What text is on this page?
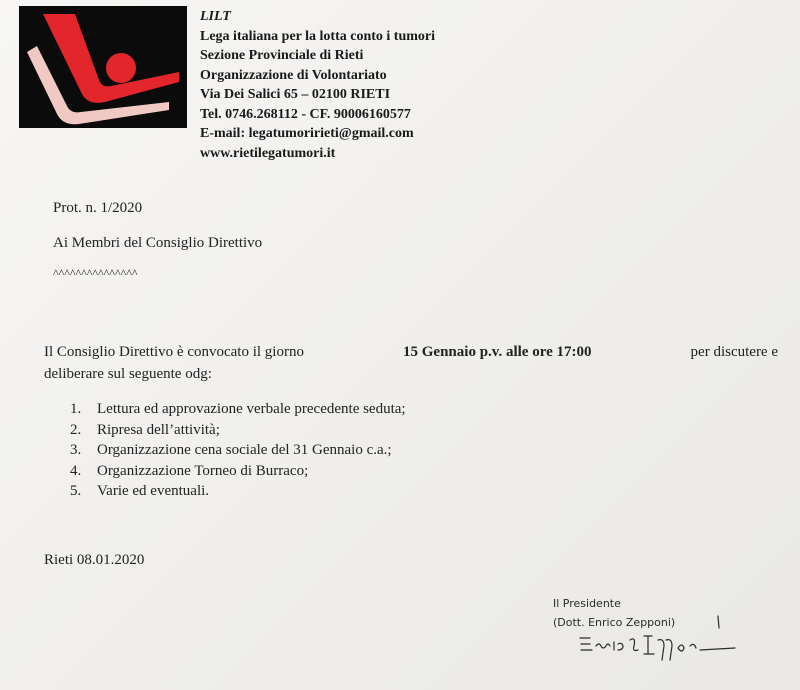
LILT
Lega italiana per la lotta conto i tumori
Sezione Provinciale di Rieti
Organizzazione di Volontariato
Via Dei Salici 65 – 02100 RIETI
Tel. 0746.268112 - CF. 90006160577
E-mail: legatumoririeti@gmail.com
www.rietilegatumori.it
Prot. n. 1/2020
Ai Membri del Consiglio Direttivo
^^^^^^^^^^^^^^^
Il Consiglio Direttivo è convocato il giorno	15 Gennaio p.v. alle ore 17:00	per discutere e
deliberare sul seguente odg:
1. Lettura ed approvazione verbale precedente seduta;
2. Ripresa dell’attività;
3. Organizzazione cena sociale del 31 Gennaio c.a.;
4. Organizzazione Torneo di Burraco;
5. Varie ed eventuali.
Rieti 08.01.2020
Il Presidente
(Dott. Enrico Zepponi)
